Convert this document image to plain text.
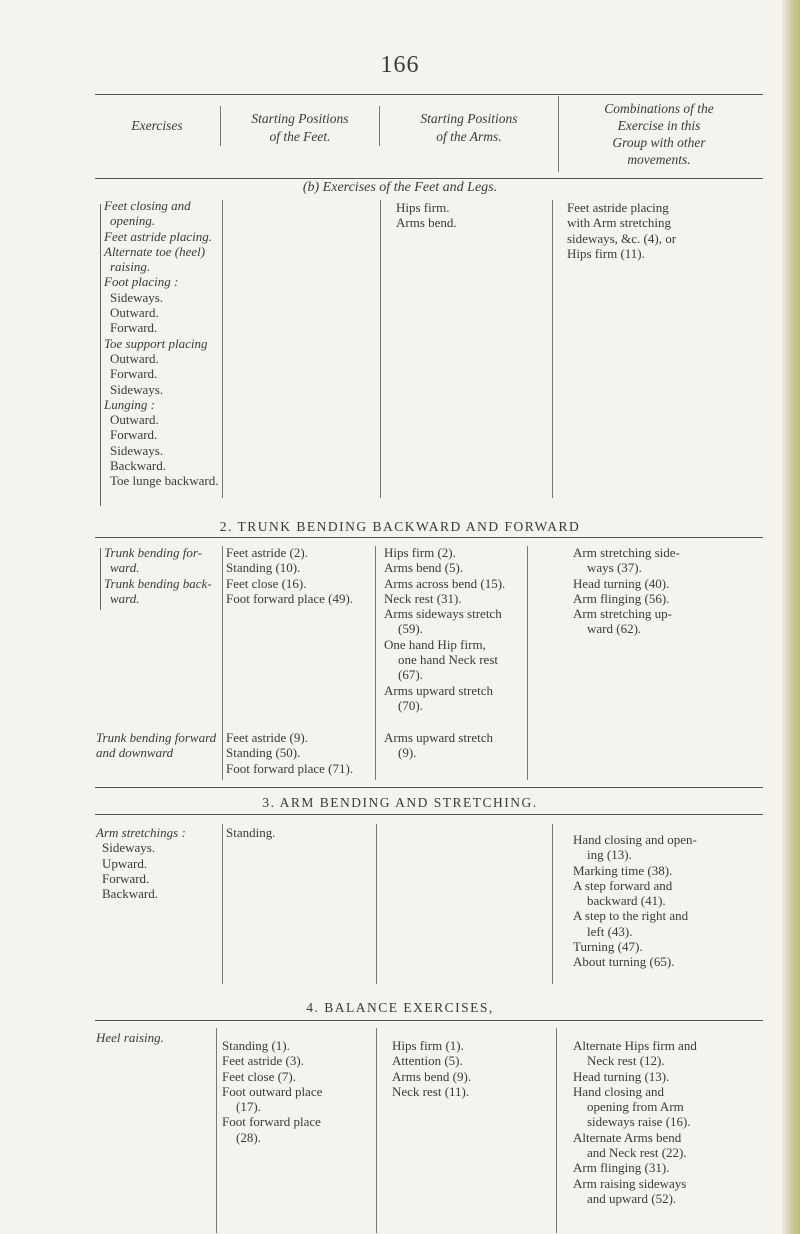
166
Exercises	Starting Positions
of the Feet.
Starting Positions
of the Arms.
Combinations of the
Exercise in this
Group with other
movements.
(b) Exercises of the Feet and Legs.
Feet closing and
opening.
Feet astride placing.
Alternate toe (heel)
raising.
Foot placing :
Sideways.
Outward.
Forward.
Toe support placing
Outward.
Forward.
Sideways.
Lunging :
Outward.
Forward.
Sideways.
Backward.
Toe lunge backward.
Hips firm.
Arms bend.
Feet astride placing
with Arm stretching
sideways, &c. (4), or
Hips firm (11).
2. TRUNK BENDING BACKWARD AND FORWARD
Trunk bending for-
ward.
Trunk bending back-
ward.
Feet astride (2).
Standing (10).
Feet close (16).
Foot forward place (49).
Hips firm (2).
Arms bend (5).
Arms across bend (15).
Neck rest (31).
Arms sideways stretch
(59).
One hand Hip firm,
one hand Neck rest
(67).
Arms upward stretch
(70).
Arm stretching side-
ways (37).
Head turning (40).
Arm flinging (56).
Arm stretching up-
ward (62).
Trunk bending forward
and downward
Feet astride (9).
Standing (50).
Foot forward place (71).
Arms upward stretch
(9).
3. ARM BENDING AND STRETCHING.
Arm stretchings :
Sideways.
Upward.
Forward.
Backward.
Standing.	Hand closing and open-
ing (13).
Marking time (38).
A step forward and
backward (41).
A step to the right and
left (43).
Turning (47).
About turning (65).
4. BALANCE EXERCISES,
Heel raising.
Standing (1).
Feet astride (3).
Feet close (7).
Foot outward place
(17).
Foot forward place
(28).
Hips firm (1).
Attention (5).
Arms bend (9).
Neck rest (11).
Alternate Hips firm and
Neck rest (12).
Head turning (13).
Hand closing and
opening from Arm
sideways raise (16).
Alternate Arms bend
and Neck rest (22).
Arm flinging (31).
Arm raising sideways
and upward (52).
